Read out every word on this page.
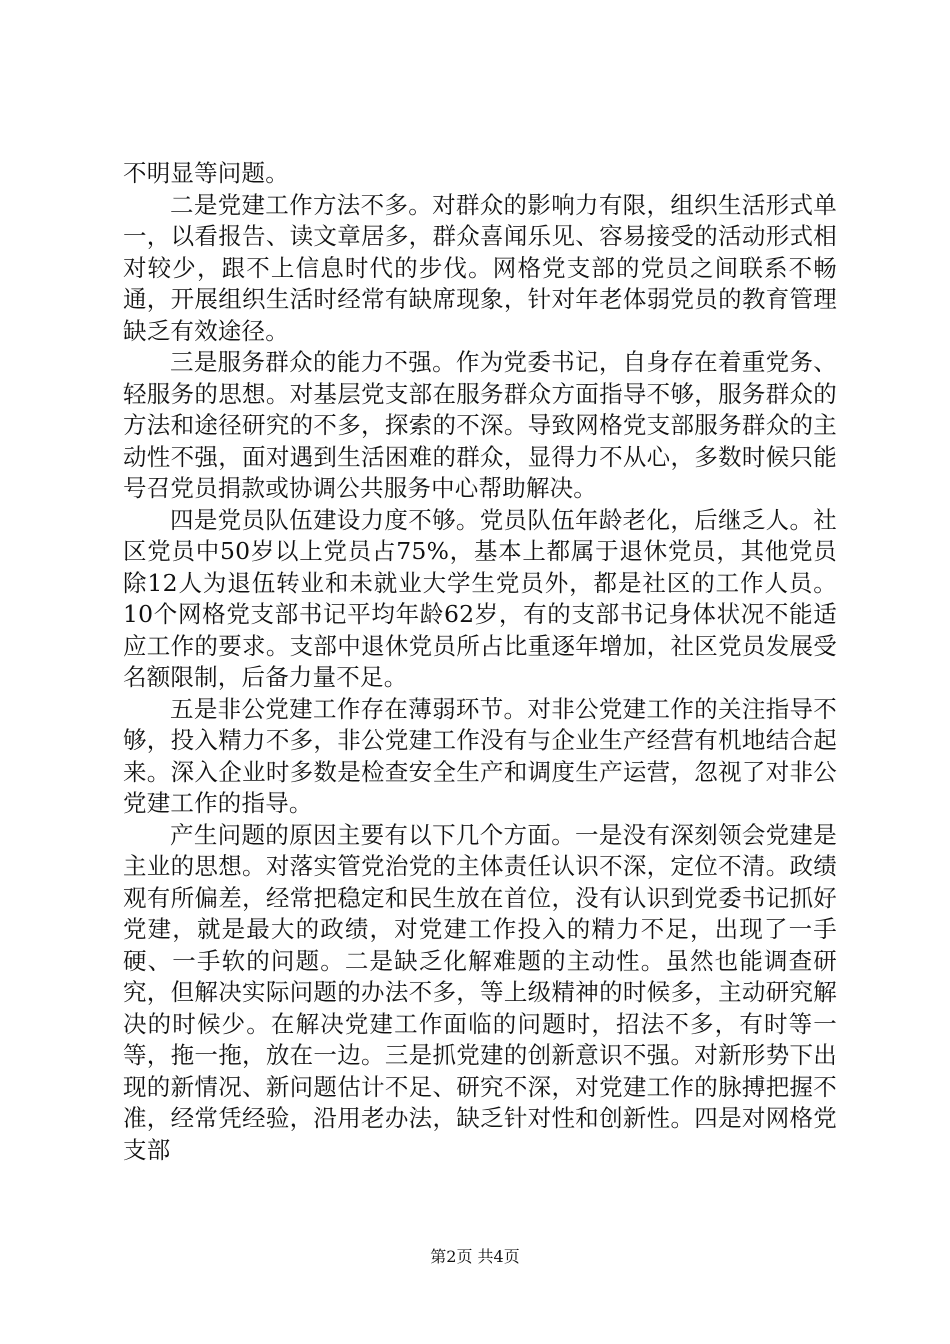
不明显等问题。

二是党建工作方法不多。对群众的影响力有限，组织生活形式单一，以看报告、读文章居多，群众喜闻乐见、容易接受的活动形式相对较少，跟不上信息时代的步伐。网格党支部的党员之间联系不畅通，开展组织生活时经常有缺席现象，针对年老体弱党员的教育管理缺乏有效途径。

三是服务群众的能力不强。作为党委书记，自身存在着重党务、轻服务的思想。对基层党支部在服务群众方面指导不够，服务群众的方法和途径研究的不多，探索的不深。导致网格党支部服务群众的主动性不强，面对遇到生活困难的群众，显得力不从心，多数时候只能号召党员捐款或协调公共服务中心帮助解决。

四是党员队伍建设力度不够。党员队伍年龄老化，后继乏人。社区党员中50岁以上党员占75%，基本上都属于退休党员，其他党员除12人为退伍转业和未就业大学生党员外，都是社区的工作人员。10个网格党支部书记平均年龄62岁，有的支部书记身体状况不能适应工作的要求。支部中退休党员所占比重逐年增加，社区党员发展受名额限制，后备力量不足。

五是非公党建工作存在薄弱环节。对非公党建工作的关注指导不够，投入精力不多，非公党建工作没有与企业生产经营有机地结合起来。深入企业时多数是检查安全生产和调度生产运营，忽视了对非公党建工作的指导。

产生问题的原因主要有以下几个方面。一是没有深刻领会党建是主业的思想。对落实管党治党的主体责任认识不深，定位不清。政绩观有所偏差，经常把稳定和民生放在首位，没有认识到党委书记抓好党建，就是最大的政绩，对党建工作投入的精力不足，出现了一手硬、一手软的问题。二是缺乏化解难题的主动性。虽然也能调查研究，但解决实际问题的办法不多，等上级精神的时候多，主动研究解决的时候少。在解决党建工作面临的问题时，招法不多，有时等一等，拖一拖，放在一边。三是抓党建的创新意识不强。对新形势下出现的新情况、新问题估计不足、研究不深，对党建工作的脉搏把握不准，经常凭经验，沿用老办法，缺乏针对性和创新性。四是对网格党支部

第2页 共4页
